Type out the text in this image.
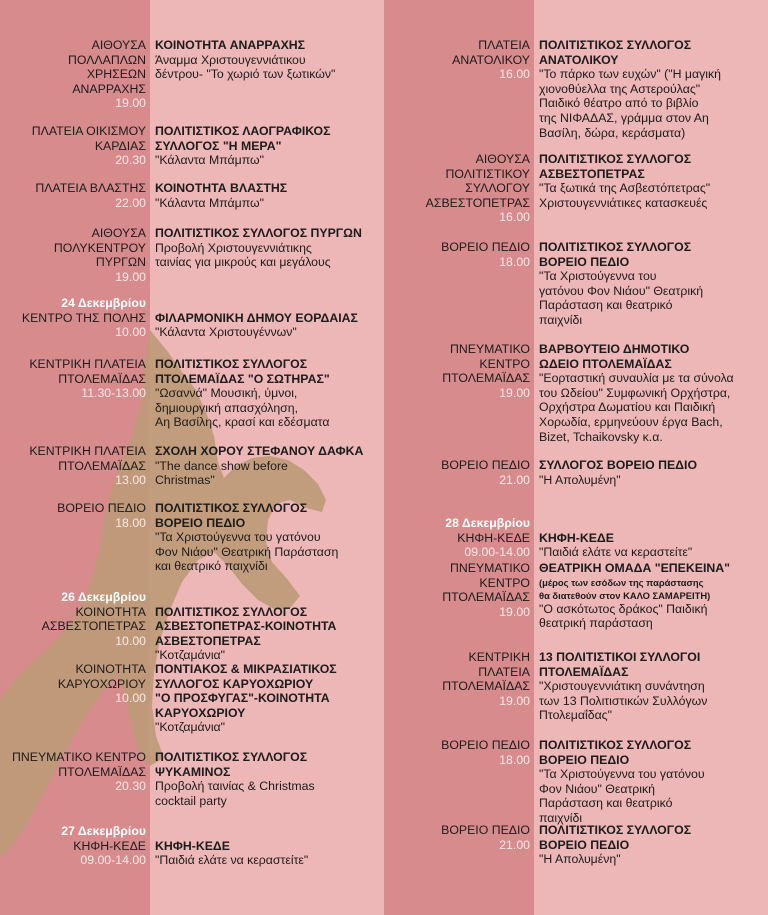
ΑΙΘΟΥΣΑ
ΠΟΛΛΑΠΛΩΝ
ΧΡΗΣΕΩΝ
ΑΝΑΡΡΑΧΗΣ
19.00
ΚΟΙΝΟΤΗΤΑ ΑΝΑΡΡΑΧΗΣ
Άναμμα Χριστουγεννιάτικου
δέντρου- "Το χωριό των ξωτικών"
ΠΛΑΤΕΙΑ ΟΙΚΙΣΜΟΥ
ΚΑΡΔΙΑΣ
20.30
ΠΟΛΙΤΙΣΤΙΚΟΣ ΛΑΟΓΡΑΦΙΚΟΣ
ΣΥΛΛΟΓΟΣ "Η ΜΕΡΑ"
"Κάλαντα Μπάμπω"
ΠΛΑΤΕΙΑ ΒΛΑΣΤΗΣ
22.00
ΚΟΙΝΟΤΗΤΑ ΒΛΑΣΤΗΣ
"Κάλαντα Μπάμπω"
ΑΙΘΟΥΣΑ
ΠΟΛΥΚΕΝΤΡΟΥ
ΠΥΡΓΩΝ
19.00
ΠΟΛΙΤΙΣΤΙΚΟΣ ΣΥΛΛΟΓΟΣ ΠΥΡΓΩΝ
Προβολή Χριστουγεννιάτικης
ταινίας για μικρούς και μεγάλους
24 Δεκεμβρίου
ΚΕΝΤΡΟ ΤΗΣ ΠΟΛΗΣ
10.00

ΦΙΛΑΡΜΟΝΙΚΗ ΔΗΜΟΥ ΕΟΡΔΑΙΑΣ
"Κάλαντα Χριστουγέννων"
ΚΕΝΤΡΙΚΗ ΠΛΑΤΕΙΑ
ΠΤΟΛΕΜΑΪΔΑΣ
11.30-13.00
ΠΟΛΙΤΙΣΤΙΚΟΣ ΣΥΛΛΟΓΟΣ
ΠΤΟΛΕΜΑΪΔΑΣ "Ο ΣΩΤΗΡΑΣ"
"Ωσαννά" Μουσική, ύμνοι,
δημιουργική απασχόληση,
Αη Βασίλης, κρασί και εδέσματα
ΚΕΝΤΡΙΚΗ ΠΛΑΤΕΙΑ
ΠΤΟΛΕΜΑΪΔΑΣ
13.00
ΣΧΟΛΗ ΧΟΡΟΥ ΣΤΕΦΑΝΟΥ ΔΑΦΚΑ
"The dance show before
Christmas"
ΒΟΡΕΙΟ ΠΕΔΙΟ
18.00
ΠΟΛΙΤΙΣΤΙΚΟΣ ΣΥΛΛΟΓΟΣ
ΒΟΡΕΙΟ ΠΕΔΙΟ
"Τα Χριστούγεννα του γατόνου
Φον Νιάου" Θεατρική Παράσταση
και θεατρικό παιχνίδι
26 Δεκεμβρίου
ΚΟΙΝΟΤΗΤΑ
ΑΣΒΕΣΤΟΠΕΤΡΑΣ
10.00

ΠΟΛΙΤΙΣΤΙΚΟΣ ΣΥΛΛΟΓΟΣ
ΑΣΒΕΣΤΟΠΕΤΡΑΣ-ΚΟΙΝΟΤΗΤΑ
ΑΣΒΕΣΤΟΠΕΤΡΑΣ
"Κοτζαμάνια"
ΚΟΙΝΟΤΗΤΑ
ΚΑΡΥΟΧΩΡΙΟΥ
10.00
ΠΟΝΤΙΑΚΟΣ & ΜΙΚΡΑΣΙΑΤΙΚΟΣ
ΣΥΛΛΟΓΟΣ ΚΑΡΥΟΧΩΡΙΟΥ
"Ο ΠΡΟΣΦΥΓΑΣ"-ΚΟΙΝΟΤΗΤΑ
ΚΑΡΥΟΧΩΡΙΟΥ
"Κοτζαμάνια"
ΠΝΕΥΜΑΤΙΚΟ ΚΕΝΤΡΟ
ΠΤΟΛΕΜΑΪΔΑΣ
20.30
ΠΟΛΙΤΙΣΤΙΚΟΣ ΣΥΛΛΟΓΟΣ
ΨΥΚΑΜΙΝΟΣ
Προβολή ταινίας & Christmas
cocktail party
27 Δεκεμβρίου
ΚΗΦΗ-ΚΕΔΕ
09.00-14.00

ΚΗΦΗ-ΚΕΔΕ
"Παιδιά ελάτε να κεραστείτε"
ΠΛΑΤΕΙΑ
ΑΝΑΤΟΛΙΚΟΥ
16.00
ΠΟΛΙΤΙΣΤΙΚΟΣ ΣΥΛΛΟΓΟΣ
ΑΝΑΤΟΛΙΚΟΥ
"Το πάρκο των ευχών" ("Η μαγική
χιονοθύελλα της Αστερούλας"
Παιδικό θέατρο από το βιβλίο
της ΝΙΦΑΔΑΣ, γράμμα στον Αη
Βασίλη, δώρα, κεράσματα)
ΑΙΘΟΥΣΑ
ΠΟΛΙΤΙΣΤΙΚΟΥ
ΣΥΛΛΟΓΟΥ
ΑΣΒΕΣΤΟΠΕΤΡΑΣ
16.00
ΠΟΛΙΤΙΣΤΙΚΟΣ ΣΥΛΛΟΓΟΣ
ΑΣΒΕΣΤΟΠΕΤΡΑΣ
"Τα ξωτικά της Ασβεστόπετρας"
Χριστουγεννιάτικες κατασκευές
ΒΟΡΕΙΟ ΠΕΔΙΟ
18.00
ΠΟΛΙΤΙΣΤΙΚΟΣ ΣΥΛΛΟΓΟΣ
ΒΟΡΕΙΟ ΠΕΔΙΟ
"Τα Χριστούγεννα του
γατόνου Φον Νιάου" Θεατρική
Παράσταση και θεατρικό
παιχνίδι
ΠΝΕΥΜΑΤΙΚΟ
ΚΕΝΤΡΟ
ΠΤΟΛΕΜΑΪΔΑΣ
19.00
ΒΑΡΒΟΥΤΕΙΟ ΔΗΜΟΤΙΚΟ
ΩΔΕΙΟ ΠΤΟΛΕΜΑΪΔΑΣ
"Εορταστική συναυλία με τα σύνολα
του Ωδείου" Συμφωνική Ορχήστρα,
Ορχήστρα Δωματίου και Παιδική
Χορωδία, ερμηνεύουν έργα Bach,
Bizet, Tchaikovsky κ.α.
ΒΟΡΕΙΟ ΠΕΔΙΟ
21.00
ΣΥΛΛΟΓΟΣ ΒΟΡΕΙΟ ΠΕΔΙΟ
"Η Απολυμένη"
28 Δεκεμβρίου
ΚΗΦΗ-ΚΕΔΕ
09.00-14.00

ΚΗΦΗ-ΚΕΔΕ
"Παιδιά ελάτε να κεραστείτε"
ΠΝΕΥΜΑΤΙΚΟ
ΚΕΝΤΡΟ
ΠΤΟΛΕΜΑΪΔΑΣ
19.00
ΘΕΑΤΡΙΚΗ ΟΜΑΔΑ "ΕΠΕΚΕΙΝΑ"
(μέρος των εσόδων της παράστασης
θα διατεθούν στον ΚΑΛΟ ΣΑΜΑΡΕΙΤΗ)
"Ο ασκότωτος δράκος" Παιδική
θεατρική παράσταση
ΚΕΝΤΡΙΚΗ
ΠΛΑΤΕΙΑ
ΠΤΟΛΕΜΑΪΔΑΣ
19.00
13 ΠΟΛΙΤΙΣΤΙΚΟΙ ΣΥΛΛΟΓΟΙ
ΠΤΟΛΕΜΑΪΔΑΣ
"Χριστουγεννιάτικη συνάντηση
των 13 Πολιτιστικών Συλλόγων
Πτολεμαΐδας"
ΒΟΡΕΙΟ ΠΕΔΙΟ
18.00
ΠΟΛΙΤΙΣΤΙΚΟΣ ΣΥΛΛΟΓΟΣ
ΒΟΡΕΙΟ ΠΕΔΙΟ
"Τα Χριστούγεννα του γατόνου
Φον Νιάου" Θεατρική
Παράσταση και θεατρικό
παιχνίδι
ΒΟΡΕΙΟ ΠΕΔΙΟ
21.00
ΠΟΛΙΤΙΣΤΙΚΟΣ ΣΥΛΛΟΓΟΣ
ΒΟΡΕΙΟ ΠΕΔΙΟ
"Η Απολυμένη"
